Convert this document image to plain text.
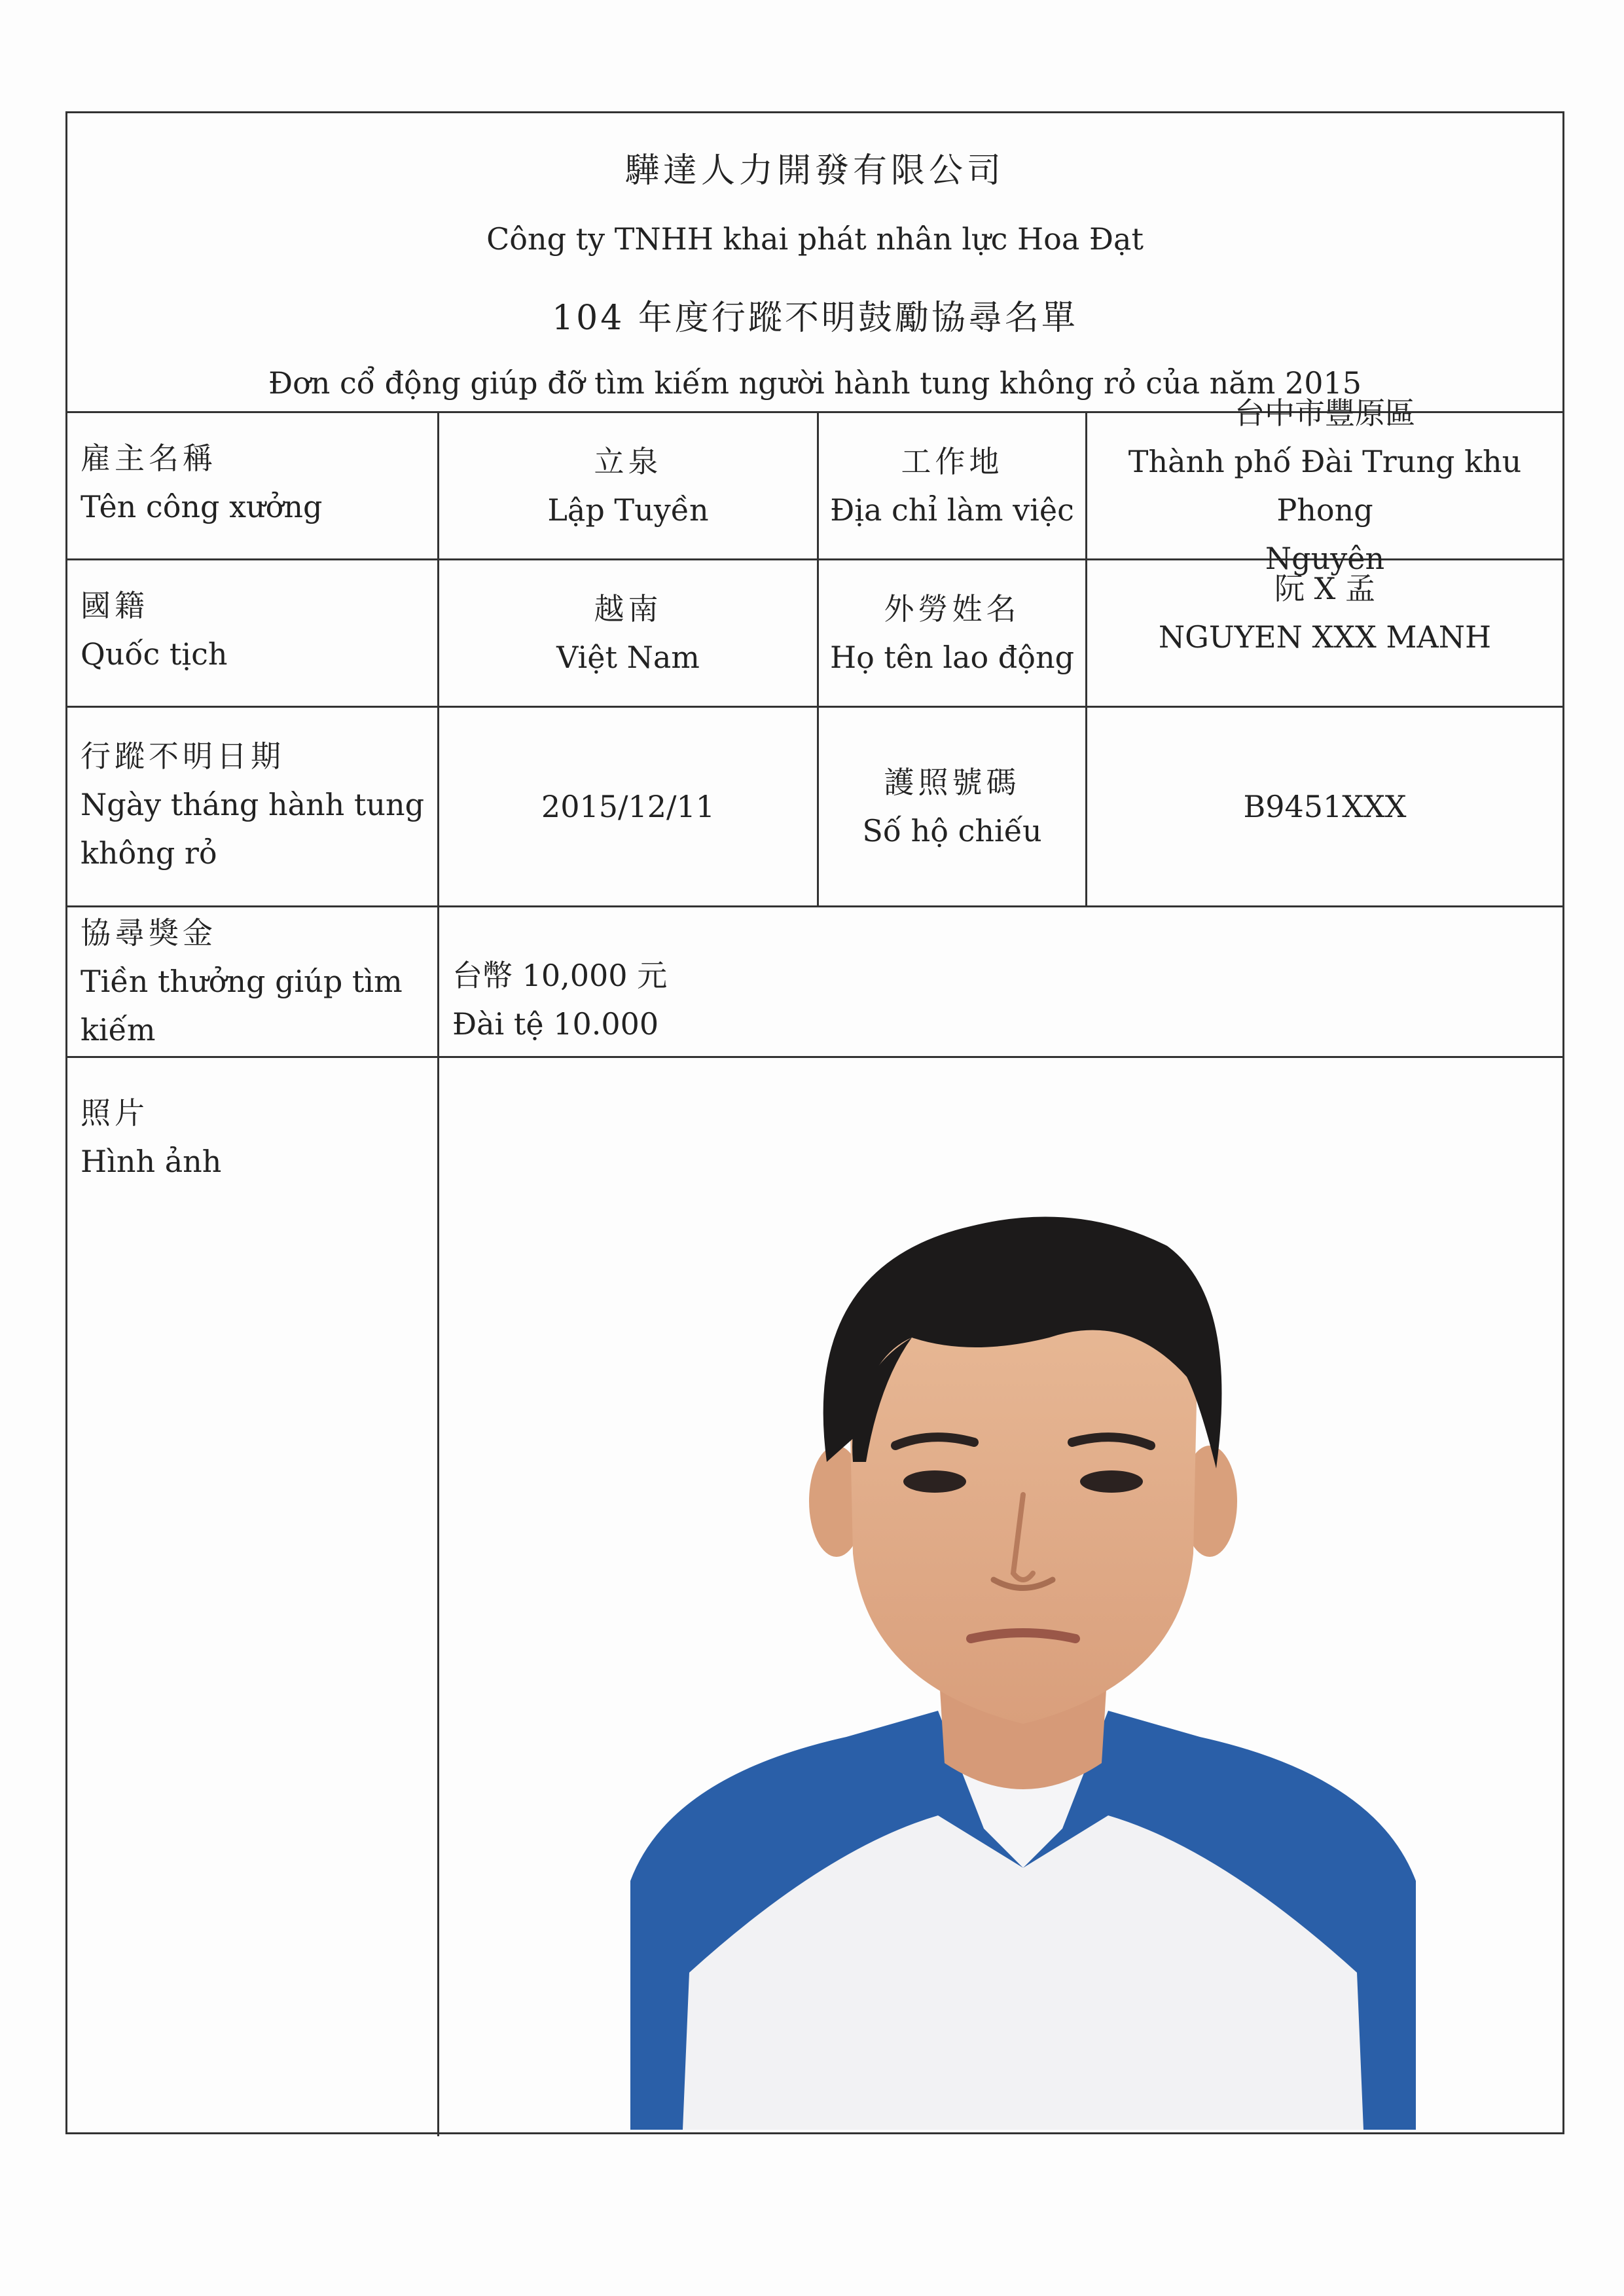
驊達人力開發有限公司
Công ty TNHH khai phát nhân lực Hoa Đạt
104 年度行蹤不明鼓勵協尋名單
Đơn cổ động giúp đỡ tìm kiếm người hành tung không rỏ của năm 2015
雇主名稱
Tên công xưởng
立泉
Lập Tuyền
工作地
Địa chỉ làm việc
台中市豐原區
Thành phố Đài Trung khu Phong
Nguyên
國籍
Quốc tịch
越南
Việt Nam
外勞姓名
Họ tên lao động
阮 X 孟
NGUYEN XXX MANH
行蹤不明日期
Ngày tháng hành tung
không rỏ
2015/12/11
護照號碼
Số hộ chiếu
B9451XXX
協尋獎金
Tiền thưởng giúp tìm
kiếm
台幣 10,000 元
Đài tệ 10.000
照片
Hình ảnh
